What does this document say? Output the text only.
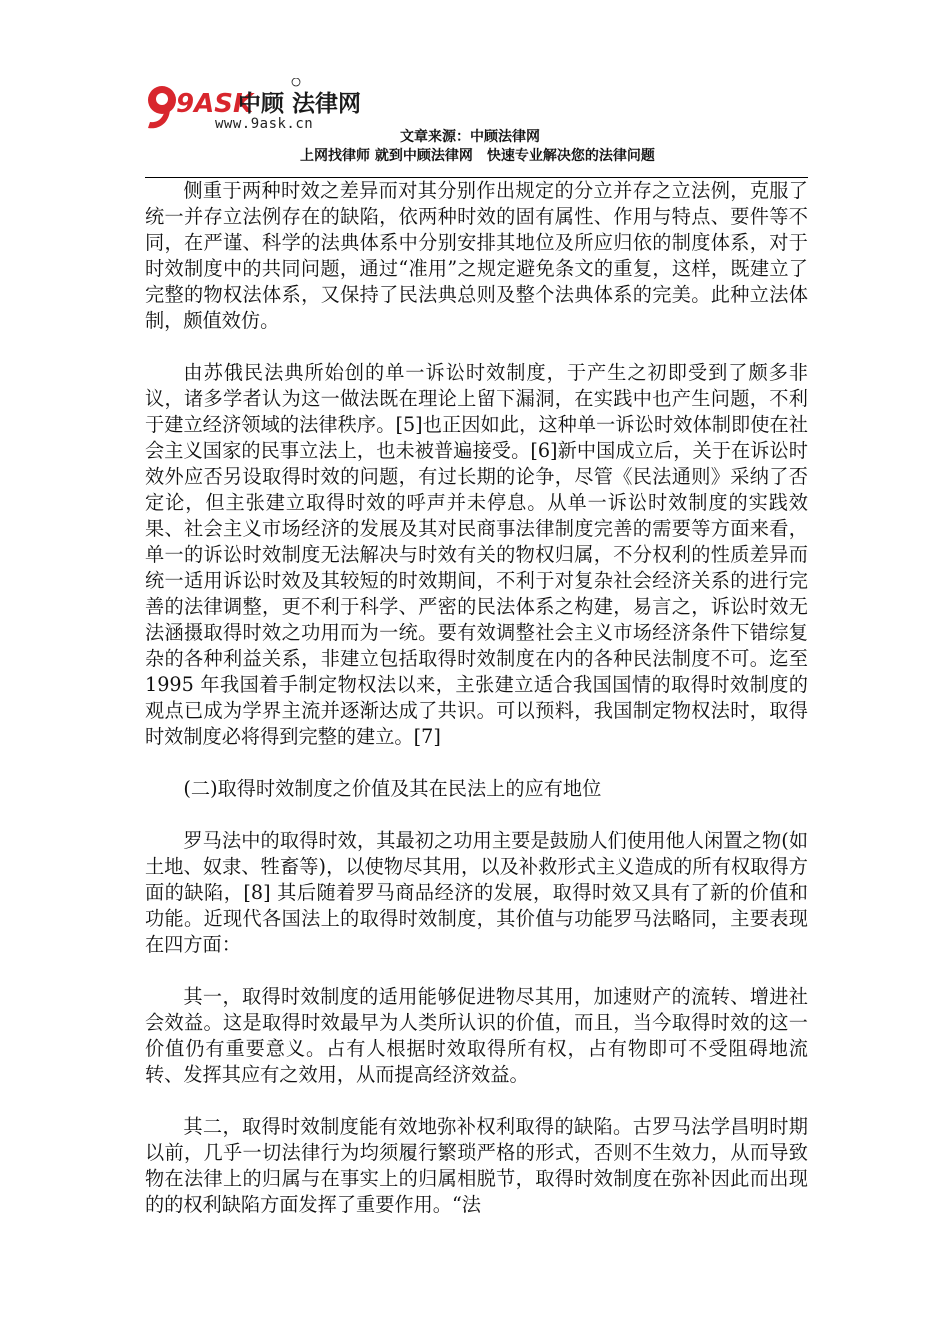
9ASK
中顾 法律网
www.9ask.cn
文章来源：中顾法律网
上网找律师 就到中顾法律网　快速专业解决您的法律问题

侧重于两种时效之差异而对其分别作出规定的分立并存之立法例，克服了统一并存立法例存在的缺陷，依两种时效的固有属性、作用与特点、要件等不同，在严谨、科学的法典体系中分别安排其地位及所应归依的制度体系，对于时效制度中的共同问题，通过“准用”之规定避免条文的重复，这样，既建立了完整的物权法体系，又保持了民法典总则及整个法典体系的完美。此种立法体制，颇值效仿。

由苏俄民法典所始创的单一诉讼时效制度，于产生之初即受到了颇多非议，诸多学者认为这一做法既在理论上留下漏洞，在实践中也产生问题，不利于建立经济领域的法律秩序。[5]也正因如此，这种单一诉讼时效体制即使在社会主义国家的民事立法上，也未被普遍接受。[6]新中国成立后，关于在诉讼时效外应否另设取得时效的问题，有过长期的论争，尽管《民法通则》采纳了否定论，但主张建立取得时效的呼声并未停息。从单一诉讼时效制度的实践效果、社会主义市场经济的发展及其对民商事法律制度完善的需要等方面来看，单一的诉讼时效制度无法解决与时效有关的物权归属，不分权利的性质差异而统一适用诉讼时效及其较短的时效期间，不利于对复杂社会经济关系的进行完善的法律调整，更不利于科学、严密的民法体系之构建，易言之，诉讼时效无法涵摄取得时效之功用而为一统。要有效调整社会主义市场经济条件下错综复杂的各种利益关系，非建立包括取得时效制度在内的各种民法制度不可。迄至 1995 年我国着手制定物权法以来，主张建立适合我国国情的取得时效制度的观点已成为学界主流并逐渐达成了共识。可以预料，我国制定物权法时，取得时效制度必将得到完整的建立。[7]

(二)取得时效制度之价值及其在民法上的应有地位

罗马法中的取得时效，其最初之功用主要是鼓励人们使用他人闲置之物(如土地、奴隶、牲畜等)，以使物尽其用，以及补救形式主义造成的所有权取得方面的缺陷，[8] 其后随着罗马商品经济的发展，取得时效又具有了新的价值和功能。近现代各国法上的取得时效制度，其价值与功能罗马法略同，主要表现在四方面：

其一，取得时效制度的适用能够促进物尽其用，加速财产的流转、增进社会效益。这是取得时效最早为人类所认识的价值，而且，当今取得时效的这一价值仍有重要意义。占有人根据时效取得所有权，占有物即可不受阻碍地流转、发挥其应有之效用，从而提高经济效益。

其二，取得时效制度能有效地弥补权利取得的缺陷。古罗马法学昌明时期以前，几乎一切法律行为均须履行繁琐严格的形式，否则不生效力，从而导致物在法律上的归属与在事实上的归属相脱节，取得时效制度在弥补因此而出现的的权利缺陷方面发挥了重要作用。“法
